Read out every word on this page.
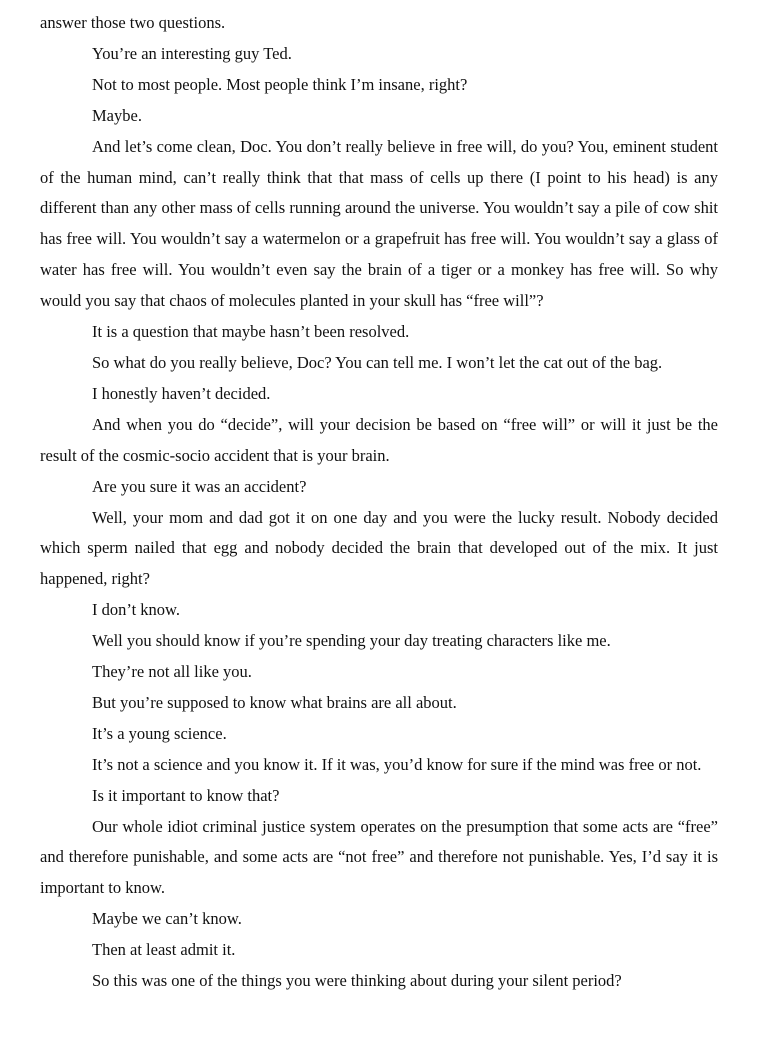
answer those two questions.

You’re an interesting guy Ted.

Not to most people. Most people think I’m insane, right?

Maybe.

And let’s come clean, Doc. You don’t really believe in free will, do you? You, eminent student of the human mind, can’t really think that that mass of cells up there (I point to his head) is any different than any other mass of cells running around the universe. You wouldn’t say a pile of cow shit has free will. You wouldn’t say a watermelon or a grapefruit has free will. You wouldn’t say a glass of water has free will. You wouldn’t even say the brain of a tiger or a monkey has free will. So why would you say that chaos of molecules planted in your skull has “free will”?

It is a question that maybe hasn’t been resolved.

So what do you really believe, Doc? You can tell me. I won’t let the cat out of the bag.

I honestly haven’t decided.

And when you do “decide”, will your decision be based on “free will” or will it just be the result of the cosmic-socio accident that is your brain.

Are you sure it was an accident?

Well, your mom and dad got it on one day and you were the lucky result. Nobody decided which sperm nailed that egg and nobody decided the brain that developed out of the mix. It just happened, right?

I don’t know.

Well you should know if you’re spending your day treating characters like me.

They’re not all like you.

But you’re supposed to know what brains are all about.

It’s a young science.

It’s not a science and you know it. If it was, you’d know for sure if the mind was free or not.

Is it important to know that?

Our whole idiot criminal justice system operates on the presumption that some acts are “free” and therefore punishable, and some acts are “not free” and therefore not punishable. Yes, I’d say it is important to know.

Maybe we can’t know.

Then at least admit it.

So this was one of the things you were thinking about during your silent period?
